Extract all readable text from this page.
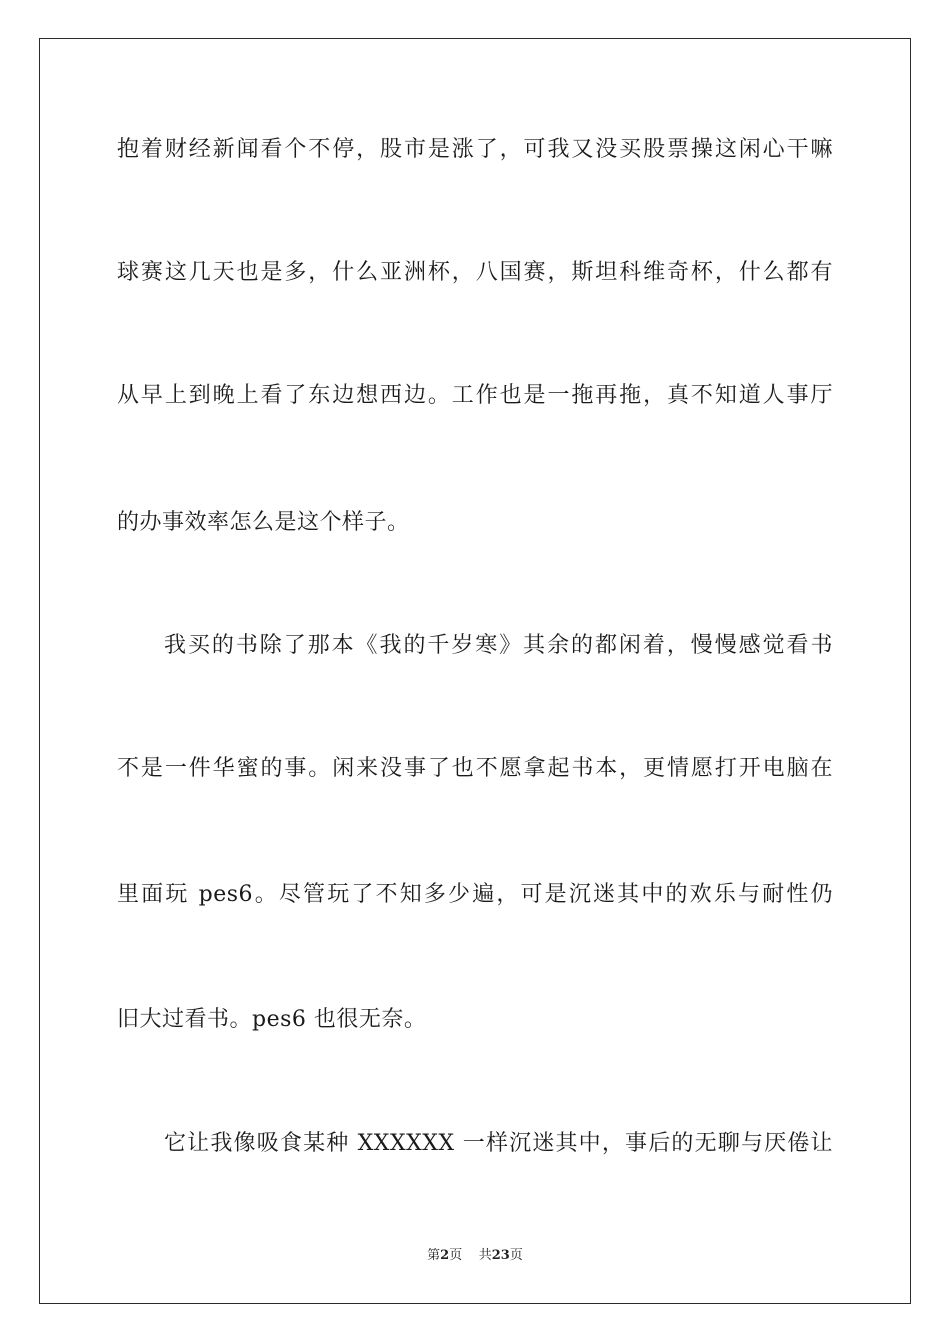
抱着财经新闻看个不停，股市是涨了，可我又没买股票操这闲心干嘛
球赛这几天也是多，什么亚洲杯，八国赛，斯坦科维奇杯，什么都有
从早上到晚上看了东边想西边。工作也是一拖再拖，真不知道人事厅
的办事效率怎么是这个样子。
我买的书除了那本《我的千岁寒》其余的都闲着，慢慢感觉看书
不是一件华蜜的事。闲来没事了也不愿拿起书本，更情愿打开电脑在
里面玩 pes6。尽管玩了不知多少遍，可是沉迷其中的欢乐与耐性仍
旧大过看书。pes6 也很无奈。
它让我像吸食某种 XXXXXX 一样沉迷其中，事后的无聊与厌倦让
第2页 共23页
